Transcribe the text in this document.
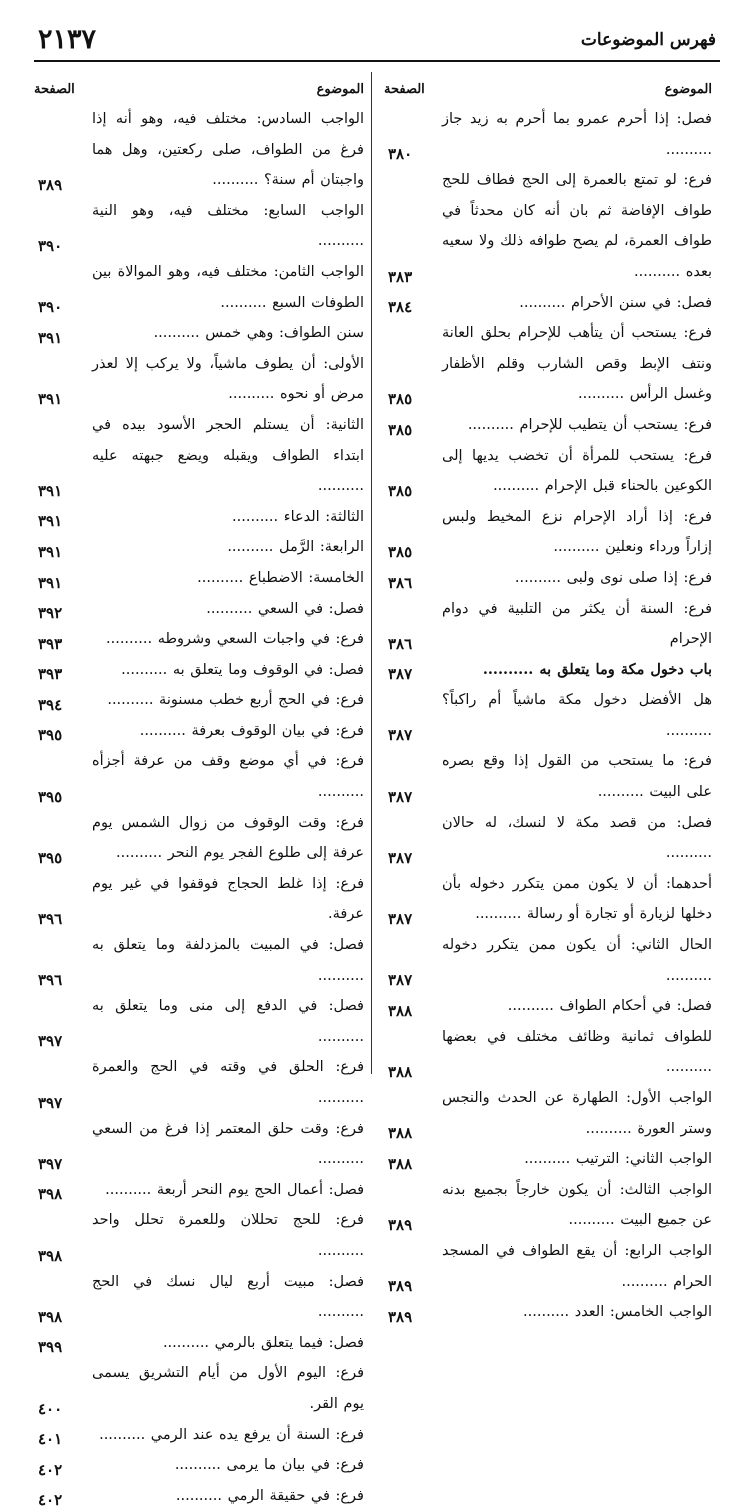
فهرس الموضوعات
٢١٣٧
الموضوع
الصفحة
فصل: إذا أحرم عمرو بما أحرم به زيد جاز ..........
٣٨٠
فرع: لو تمتع بالعمرة إلى الحج فطاف للحج طواف الإفاضة ثم بان أنه كان محدثاً في طواف العمرة، لم يصح طوافه ذلك ولا سعيه بعده ..........
٣٨٣
فصل: في سنن الأحرام ..........
٣٨٤
فرع: يستحب أن يتأهب للإحرام بحلق العانة ونتف الإبط وقص الشارب وقلم الأظفار وغسل الرأس ..........
٣٨٥
فرع: يستحب أن يتطيب للإحرام ..........
٣٨٥
فرع: يستحب للمرأة أن تخضب يديها إلى الكوعين بالحناء قبل الإحرام ..........
٣٨٥
فرع: إذا أراد الإحرام نزع المخيط ولبس إزاراً ورداء ونعلين ..........
٣٨٥
فرع: إذا صلى نوى ولبى ..........
٣٨٦
فرع: السنة أن يكثر من التلبية في دوام الإحرام
٣٨٦
باب دخول مكة وما يتعلق به ..........
٣٨٧
هل الأفضل دخول مكة ماشياً أم راكباً؟ ..........
٣٨٧
فرع: ما يستحب من القول إذا وقع بصره على البيت ..........
٣٨٧
فصل: من قصد مكة لا لنسك، له حالان ..........
٣٨٧
أحدهما: أن لا يكون ممن يتكرر دخوله بأن دخلها لزيارة أو تجارة أو رسالة ..........
٣٨٧
الحال الثاني: أن يكون ممن يتكرر دخوله ..........
٣٨٧
فصل: في أحكام الطواف ..........
٣٨٨
للطواف ثمانية وظائف مختلف في بعضها ..........
٣٨٨
الواجب الأول: الطهارة عن الحدث والنجس وستر العورة ..........
٣٨٨
الواجب الثاني: الترتيب ..........
٣٨٨
الواجب الثالث: أن يكون خارجاً بجميع بدنه عن جميع البيت ..........
٣٨٩
الواجب الرابع: أن يقع الطواف في المسجد الحرام ..........
٣٨٩
الواجب الخامس: العدد ..........
٣٨٩
الموضوع
الصفحة
الواجب السادس: مختلف فيه، وهو أنه إذا فرغ من الطواف، صلى ركعتين، وهل هما واجبتان أم سنة؟ ..........
٣٨٩
الواجب السابع: مختلف فيه، وهو النية ..........
٣٩٠
الواجب الثامن: مختلف فيه، وهو الموالاة بين الطوفات السبع ..........
٣٩٠
سنن الطواف: وهي خمس ..........
٣٩١
الأولى: أن يطوف ماشياً، ولا يركب إلا لعذر مرض أو نحوه ..........
٣٩١
الثانية: أن يستلم الحجر الأسود بيده في ابتداء الطواف ويقبله ويضع جبهته عليه ..........
٣٩١
الثالثة: الدعاء ..........
٣٩١
الرابعة: الرَّمل ..........
٣٩١
الخامسة: الاضطباع ..........
٣٩١
فصل: في السعي ..........
٣٩٢
فرع: في واجبات السعي وشروطه ..........
٣٩٣
فصل: في الوقوف وما يتعلق به ..........
٣٩٣
فرع: في الحج أربع خطب مسنونة ..........
٣٩٤
فرع: في بيان الوقوف بعرفة ..........
٣٩٥
فرع: في أي موضع وقف من عرفة أجزأه ..........
٣٩٥
فرع: وقت الوقوف من زوال الشمس يوم عرفة إلى طلوع الفجر يوم النحر ..........
٣٩٥
فرع: إذا غلط الحجاج فوقفوا في غير يوم عرفة.
٣٩٦
فصل: في المبيت بالمزدلفة وما يتعلق به ..........
٣٩٦
فصل: في الدفع إلى منى وما يتعلق به ..........
٣٩٧
فرع: الحلق في وقته في الحج والعمرة ..........
٣٩٧
فرع: وقت حلق المعتمر إذا فرغ من السعي ..........
٣٩٧
فصل: أعمال الحج يوم النحر أربعة ..........
٣٩٨
فرع: للحج تحللان وللعمرة تحلل واحد ..........
٣٩٨
فصل: مبيت أربع ليال نسك في الحج ..........
٣٩٨
فصل: فيما يتعلق بالرمي ..........
٣٩٩
فرع: اليوم الأول من أيام التشريق يسمى يوم القر.
٤٠٠
فرع: السنة أن يرفع يده عند الرمي ..........
٤٠١
فرع: في بيان ما يرمى ..........
٤٠٢
فرع: في حقيقة الرمي ..........
٤٠٢
